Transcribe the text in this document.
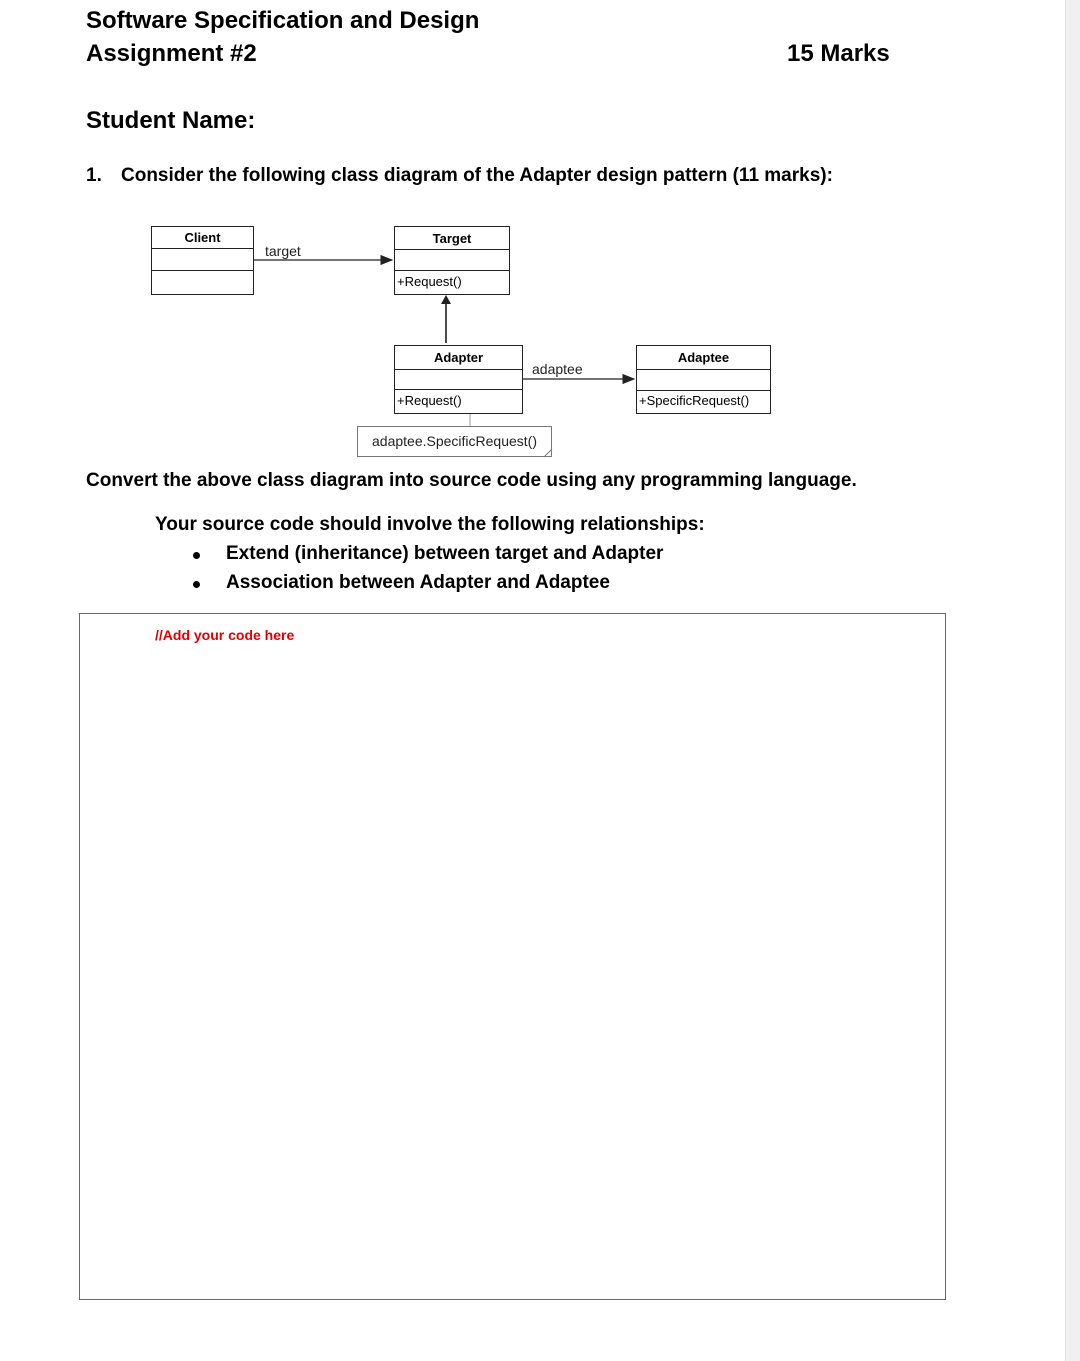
Software Specification and Design
Assignment #2	15 Marks
Student Name:
1. Consider the following class diagram of the Adapter design pattern (11 marks):
Client	Target
+Request()
Adapter
+Request()
Adaptee
+SpecificRequest()
target
adaptee
adaptee.SpecificRequest()
Convert the above class diagram into source code using any programming language.
Your source code should involve the following relationships:
Extend (inheritance) between target and Adapter
Association between Adapter and Adaptee
//Add your code here
